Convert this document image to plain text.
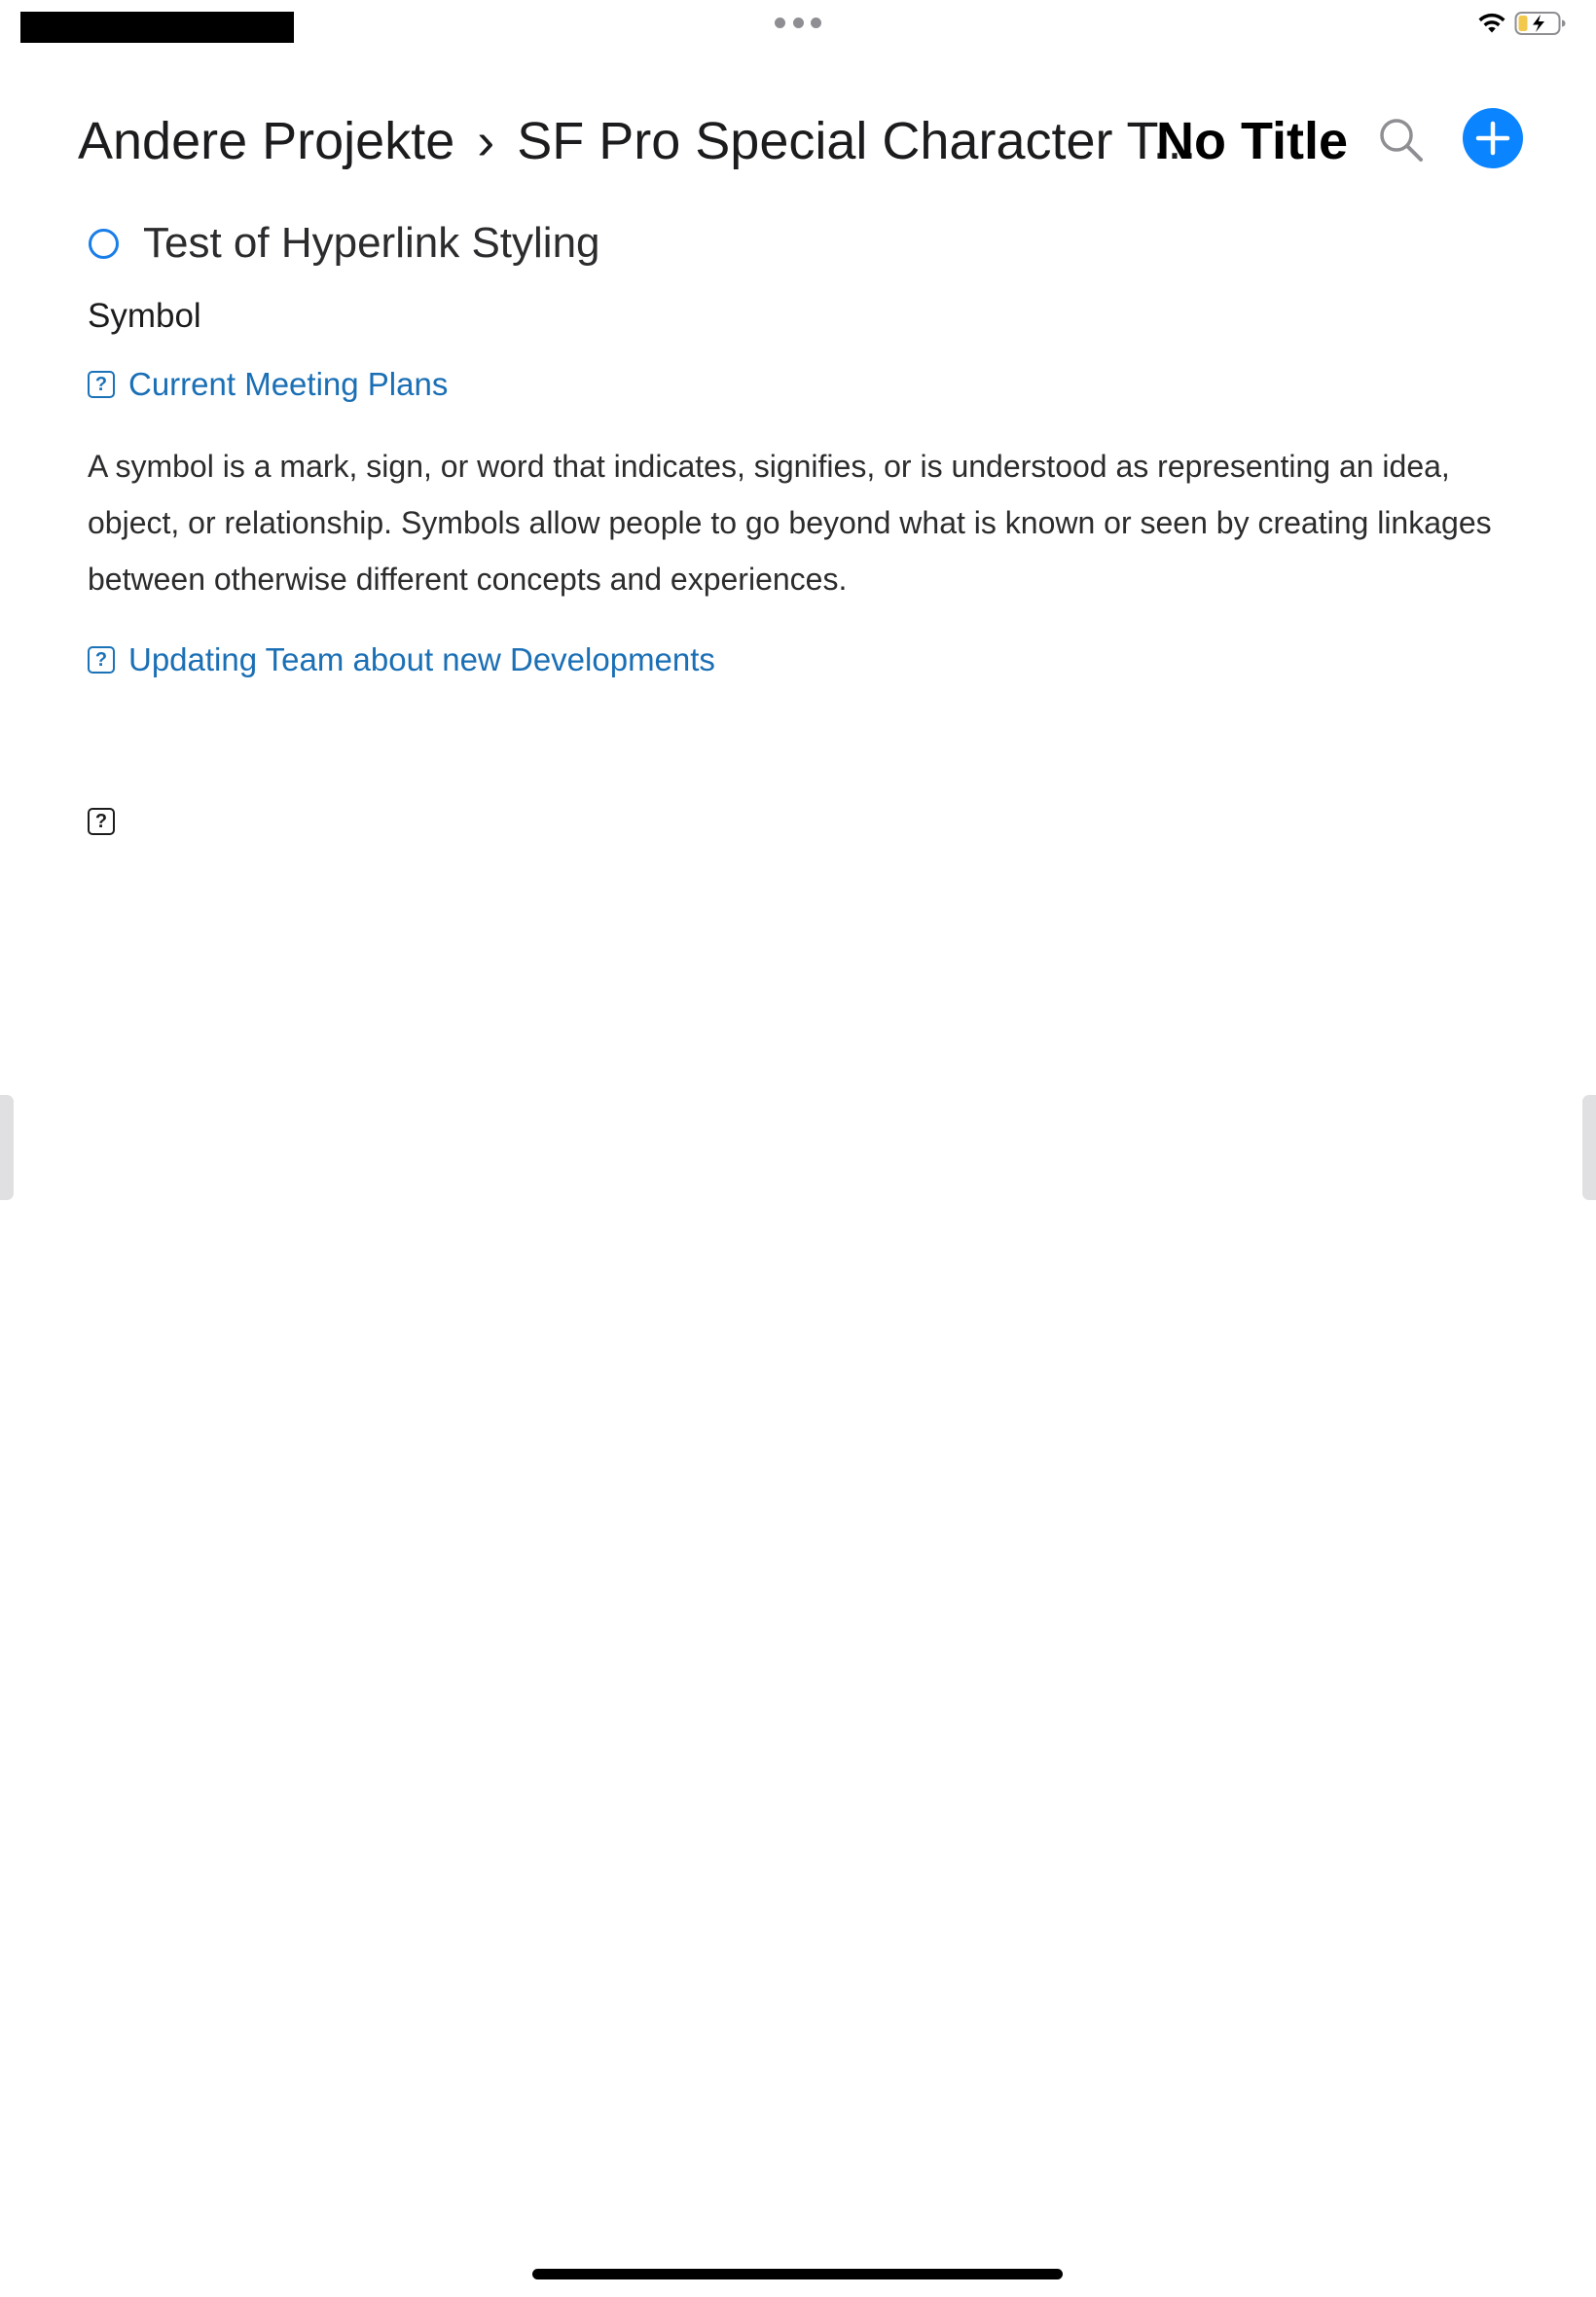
Andere Projekte › SF Pro Special Character T...
No Title
Test of Hyperlink Styling
Symbol
? Current Meeting Plans
A symbol is a mark, sign, or word that indicates, signifies, or is understood as representing an idea, object, or relationship. Symbols allow people to go beyond what is known or seen by creating linkages between otherwise different concepts and experiences.
? Updating Team about new Developments
?
